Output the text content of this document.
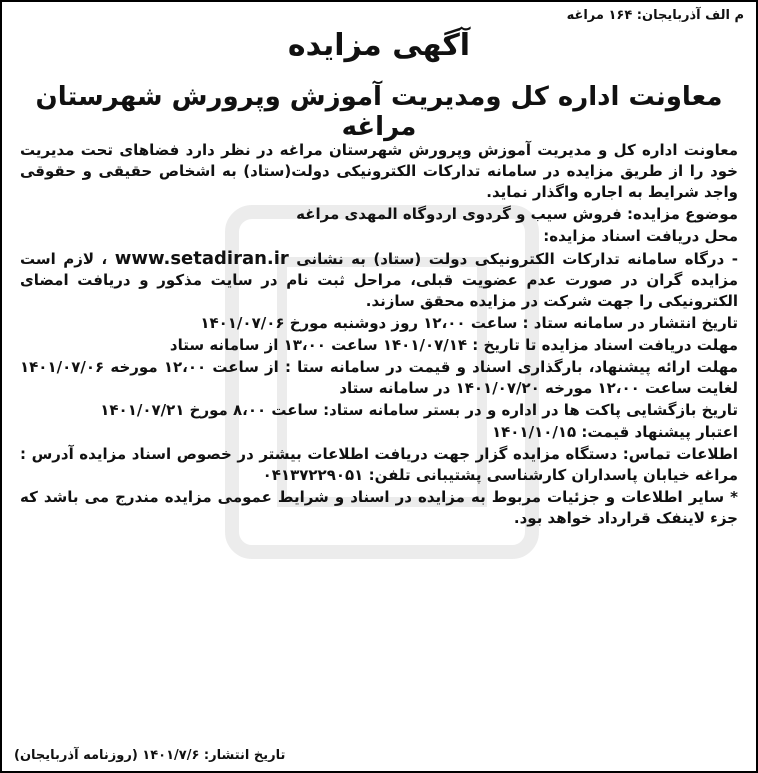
م الف آذربایجان: ۱۶۴ مراغه
آگهی مزایده
معاونت اداره کل ومدیریت آموزش وپرورش شهرستان مراغه

معاونت اداره کل و مدیریت آموزش وپرورش شهرستان مراغه در نظر دارد فضاهای تحت مدیریت خود را از طریق مزایده در سامانه تدارکات الکترونیکی دولت(ستاد) به اشخاص حقیقی و حقوقی واجد شرایط به اجاره واگذار نماید.

موضوع مزایده: فروش سیب و گردوی اردوگاه المهدی مراغه

محل دریافت اسناد مزایده:

- درگاه سامانه تدارکات الکترونیکی دولت (ستاد) به نشانی www.setadiran.ir ، لازم است مزایده گران در صورت عدم عضویت قبلی، مراحل ثبت نام در سایت مذکور و دریافت امضای الکترونیکی را جهت شرکت در مزایده محقق سازند.

تاریخ انتشار در سامانه ستاد : ساعت ۱۲،۰۰ روز دوشنبه مورخ ۱۴۰۱/۰۷/۰۶

مهلت دریافت اسناد مزایده تا تاریخ : ۱۴۰۱/۰۷/۱۴ ساعت ۱۳،۰۰ از سامانه ستاد

مهلت ارائه پیشنهاد، بارگذاری اسناد و قیمت در سامانه ستا : از ساعت ۱۲،۰۰ مورخه ۱۴۰۱/۰۷/۰۶ لغایت ساعت ۱۲،۰۰ مورخه ۱۴۰۱/۰۷/۲۰ در سامانه ستاد

تاریخ بازگشایی پاکت ها در اداره و در بستر سامانه ستاد: ساعت ۸،۰۰ مورخ ۱۴۰۱/۰۷/۲۱

اعتبار پیشنهاد قیمت: ۱۴۰۱/۱۰/۱۵

اطلاعات تماس: دستگاه مزایده گزار جهت دریافت اطلاعات بیشتر در خصوص اسناد مزایده آدرس : مراغه خیابان پاسداران کارشناسی پشتیبانی تلفن: ۰۴۱۳۷۲۲۹۰۵۱

* سایر اطلاعات و جزئیات مربوط به مزایده در اسناد و شرایط عمومی مزایده مندرج می باشد که جزء لاینفک قرارداد خواهد بود.

تاریخ انتشار: ۱۴۰۱/۷/۶ (روزنامه آذربایجان)
